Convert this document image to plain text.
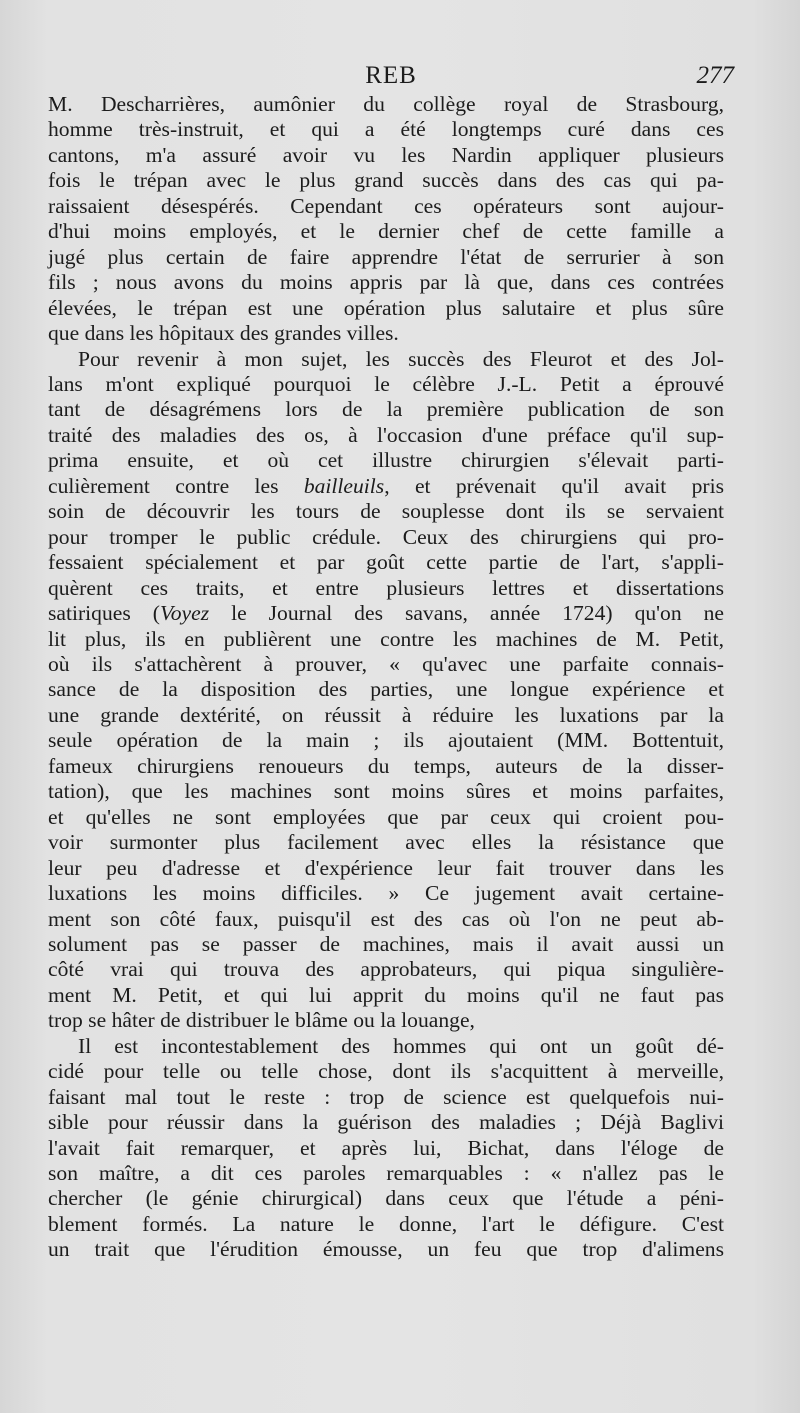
REB	277
M. Descharrières, aumônier du collège royal de Strasbourg,
homme très-instruit, et qui a été longtemps curé dans ces
cantons, m'a assuré avoir vu les Nardin appliquer plusieurs
fois le trépan avec le plus grand succès dans des cas qui pa-
raissaient désespérés. Cependant ces opérateurs sont aujour-
d'hui moins employés, et le dernier chef de cette famille a
jugé plus certain de faire apprendre l'état de serrurier à son
fils ; nous avons du moins appris par là que, dans ces contrées
élevées, le trépan est une opération plus salutaire et plus sûre
que dans les hôpitaux des grandes villes.
Pour revenir à mon sujet, les succès des Fleurot et des Jol-
lans m'ont expliqué pourquoi le célèbre J.-L. Petit a éprouvé
tant de désagrémens lors de la première publication de son
traité des maladies des os, à l'occasion d'une préface qu'il sup-
prima ensuite, et où cet illustre chirurgien s'élevait parti-
culièrement contre les bailleuils, et prévenait qu'il avait pris
soin de découvrir les tours de souplesse dont ils se servaient
pour tromper le public crédule. Ceux des chirurgiens qui pro-
fessaient spécialement et par goût cette partie de l'art, s'appli-
quèrent ces traits, et entre plusieurs lettres et dissertations
satiriques (Voyez le Journal des savans, année 1724) qu'on ne
lit plus, ils en publièrent une contre les machines de M. Petit,
où ils s'attachèrent à prouver, « qu'avec une parfaite connais-
sance de la disposition des parties, une longue expérience et
une grande dextérité, on réussit à réduire les luxations par la
seule opération de la main ; ils ajoutaient (MM. Bottentuit,
fameux chirurgiens renoueurs du temps, auteurs de la disser-
tation), que les machines sont moins sûres et moins parfaites,
et qu'elles ne sont employées que par ceux qui croient pou-
voir surmonter plus facilement avec elles la résistance que
leur peu d'adresse et d'expérience leur fait trouver dans les
luxations les moins difficiles. » Ce jugement avait certaine-
ment son côté faux, puisqu'il est des cas où l'on ne peut ab-
solument pas se passer de machines, mais il avait aussi un
côté vrai qui trouva des approbateurs, qui piqua singulière-
ment M. Petit, et qui lui apprit du moins qu'il ne faut pas
trop se hâter de distribuer le blâme ou la louange,
Il est incontestablement des hommes qui ont un goût dé-
cidé pour telle ou telle chose, dont ils s'acquittent à merveille,
faisant mal tout le reste : trop de science est quelquefois nui-
sible pour réussir dans la guérison des maladies ; Déjà Baglivi
l'avait fait remarquer, et après lui, Bichat, dans l'éloge de
son maître, a dit ces paroles remarquables : « n'allez pas le
chercher (le génie chirurgical) dans ceux que l'étude a péni-
blement formés. La nature le donne, l'art le défigure. C'est
un trait que l'érudition émousse, un feu que trop d'alimens
